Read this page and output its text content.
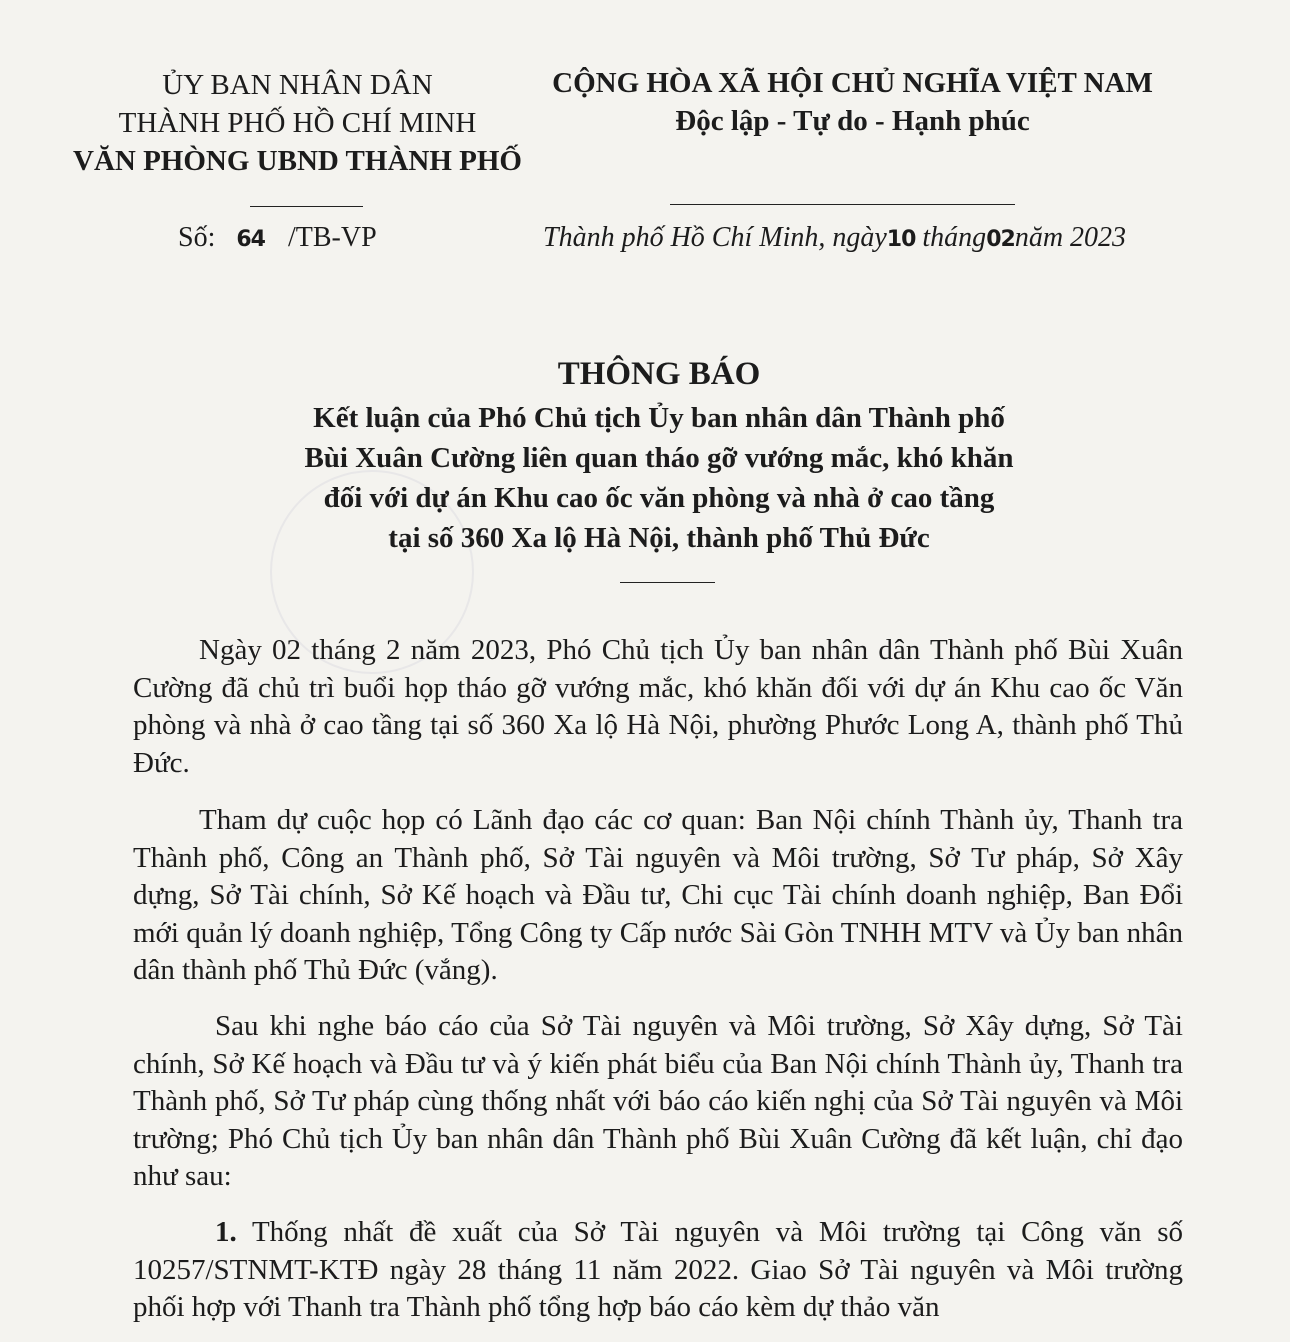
ỦY BAN NHÂN DÂN
THÀNH PHỐ HỒ CHÍ MINH
VĂN PHÒNG UBND THÀNH PHỐ
CỘNG HÒA XÃ HỘI CHỦ NGHĨA VIỆT NAM
Độc lập - Tự do - Hạnh phúc
Số: 64 /TB-VP	Thành phố Hồ Chí Minh, ngày10 tháng02năm 2023
THÔNG BÁO
Kết luận của Phó Chủ tịch Ủy ban nhân dân Thành phố
Bùi Xuân Cường liên quan tháo gỡ vướng mắc, khó khăn
đối với dự án Khu cao ốc văn phòng và nhà ở cao tầng
tại số 360 Xa lộ Hà Nội, thành phố Thủ Đức
Ngày 02 tháng 2 năm 2023, Phó Chủ tịch Ủy ban nhân dân Thành phố Bùi Xuân Cường đã chủ trì buổi họp tháo gỡ vướng mắc, khó khăn đối với dự án Khu cao ốc Văn phòng và nhà ở cao tầng tại số 360 Xa lộ Hà Nội, phường Phước Long A, thành phố Thủ Đức.
Tham dự cuộc họp có Lãnh đạo các cơ quan: Ban Nội chính Thành ủy, Thanh tra Thành phố, Công an Thành phố, Sở Tài nguyên và Môi trường, Sở Tư pháp, Sở Xây dựng, Sở Tài chính, Sở Kế hoạch và Đầu tư, Chi cục Tài chính doanh nghiệp, Ban Đổi mới quản lý doanh nghiệp, Tổng Công ty Cấp nước Sài Gòn TNHH MTV và Ủy ban nhân dân thành phố Thủ Đức (vắng).
Sau khi nghe báo cáo của Sở Tài nguyên và Môi trường, Sở Xây dựng, Sở Tài chính, Sở Kế hoạch và Đầu tư và ý kiến phát biểu của Ban Nội chính Thành ủy, Thanh tra Thành phố, Sở Tư pháp cùng thống nhất với báo cáo kiến nghị của Sở Tài nguyên và Môi trường; Phó Chủ tịch Ủy ban nhân dân Thành phố Bùi Xuân Cường đã kết luận, chỉ đạo như sau:
1. Thống nhất đề xuất của Sở Tài nguyên và Môi trường tại Công văn số 10257/STNMT-KTĐ ngày 28 tháng 11 năm 2022. Giao Sở Tài nguyên và Môi trường phối hợp với Thanh tra Thành phố tổng hợp báo cáo kèm dự thảo văn
